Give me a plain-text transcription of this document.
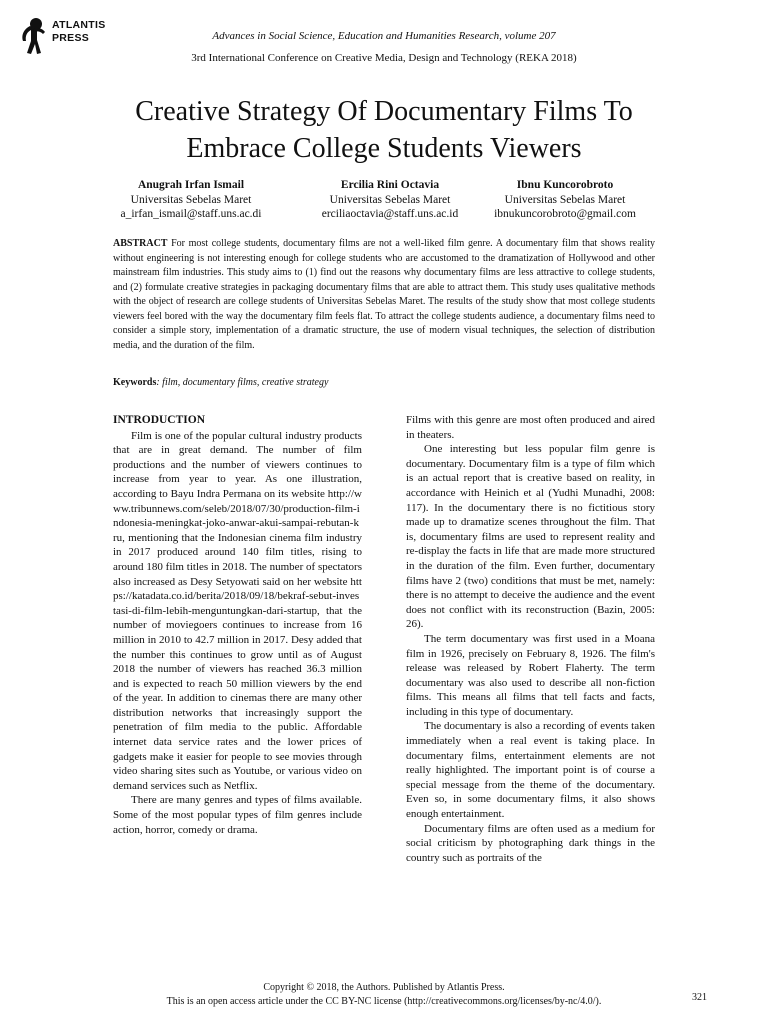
ATLANTIS
PRESS	Advances in Social Science, Education and Humanities Research, volume 207
3rd International Conference on Creative Media, Design and Technology (REKA 2018)
Creative Strategy Of Documentary Films To
Embrace College Students Viewers
Anugrah Irfan Ismail
Universitas Sebelas Maret
a_irfan_ismail@staff.uns.ac.di
Ercilia Rini Octavia
Universitas Sebelas Maret
erciliaoctavia@staff.uns.ac.id
Ibnu Kuncorobroto
Universitas Sebelas Maret
ibnukuncorobroto@gmail.com
ABSTRACT For most college students, documentary films are not a well-liked film genre. A documentary film that shows reality without engineering is not interesting enough for college students who are accustomed to the dramatization of Hollywood and other mainstream film industries. This study aims to (1) find out the reasons why documentary films are less attractive to college students, and (2) formulate creative strategies in packaging documentary films that are able to attract them. This study uses qualitative methods with the object of research are college students of Universitas Sebelas Maret. The results of the study show that most college students viewers feel bored with the way the documentary film feels flat. To attract the college students audience, a documentary films need to consider a simple story, implementation of a dramatic structure, the use of modern visual techniques, the selection of distribution media, and the duration of the film.
Keywords: film, documentary films, creative strategy
INTRODUCTION

Film is one of the popular cultural industry products that are in great demand. The number of film productions and the number of viewers continues to increase from year to year. As one illustration, according to Bayu Indra Permana on its website http://www.tribunnews.com/seleb/2018/07/30/production-film-indonesia-meningkat-joko-anwar-akui-sampai-rebutan-kru, mentioning that the Indonesian cinema film industry in 2017 produced around 140 film titles, rising to around 180 film titles in 2018. The number of spectators also increased as Desy Setyowati said on her website https://katadata.co.id/berita/2018/09/18/bekraf-sebut-investasi-di-film-lebih-menguntungkan-dari-startup, that the number of moviegoers continues to increase from 16 million in 2010 to 42.7 million in 2017. Desy added that the number this continues to grow until as of August 2018 the number of viewers has reached 36.3 million and is expected to reach 50 million viewers by the end of the year. In addition to cinemas there are many other distribution networks that increasingly support the penetration of film media to the public. Affordable internet data service rates and the lower prices of gadgets make it easier for people to see movies through video sharing sites such as Youtube, or various video on demand services such as Netflix.

There are many genres and types of films available. Some of the most popular types of film genres include action, horror, comedy or drama.

Films with this genre are most often produced and aired in theaters.

One interesting but less popular film genre is documentary. Documentary film is a type of film which is an actual report that is creative based on reality, in accordance with Heinich et al (Yudhi Munadhi, 2008: 117). In the documentary there is no fictitious story made up to dramatize scenes throughout the film. That is, documentary films are used to represent reality and re-display the facts in life that are made more structured in the duration of the film. Even further, documentary films have 2 (two) conditions that must be met, namely: there is no attempt to deceive the audience and the event does not conflict with its reconstruction (Bazin, 2005: 26).

The term documentary was first used in a Moana film in 1926, precisely on February 8, 1926. The film's release was released by Robert Flaherty. The term documentary was also used to describe all non-fiction films. This means all films that tell facts and facts, including in this type of documentary.

The documentary is also a recording of events taken immediately when a real event is taking place. In documentary films, entertainment elements are not really highlighted. The important point is of course a special message from the theme of the documentary. Even so, in some documentary films, it also shows enough entertainment.

Documentary films are often used as a medium for social criticism by photographing dark things in the country such as portraits of the

Copyright © 2018, the Authors. Published by Atlantis Press.
This is an open access article under the CC BY-NC license (http://creativecommons.org/licenses/by-nc/4.0/).	321
